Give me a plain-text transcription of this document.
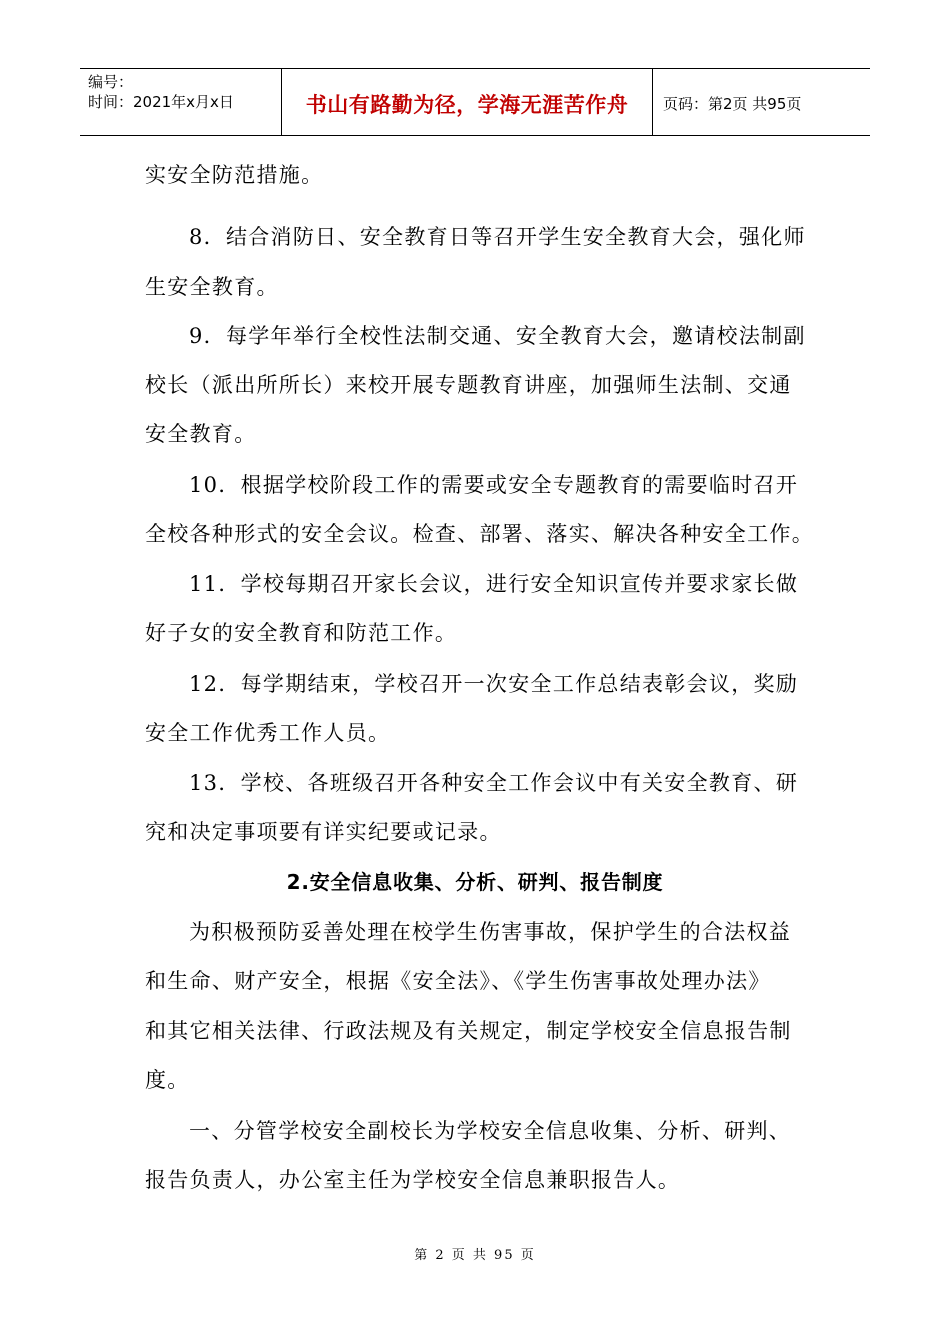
编号：
时间：2021年x月x日	书山有路勤为径，学海无涯苦作舟	页码：第2页 共95页
实安全防范措施。
8．结合消防日、安全教育日等召开学生安全教育大会，强化师
生安全教育。
9．每学年举行全校性法制交通、安全教育大会，邀请校法制副
校长（派出所所长）来校开展专题教育讲座，加强师生法制、交通
安全教育。
10．根据学校阶段工作的需要或安全专题教育的需要临时召开
全校各种形式的安全会议。检查、部署、落实、解决各种安全工作。
11．学校每期召开家长会议，进行安全知识宣传并要求家长做
好子女的安全教育和防范工作。
12．每学期结束，学校召开一次安全工作总结表彰会议，奖励
安全工作优秀工作人员。
13．学校、各班级召开各种安全工作会议中有关安全教育、研
究和决定事项要有详实纪要或记录。
2.安全信息收集、分析、研判、报告制度
为积极预防妥善处理在校学生伤害事故，保护学生的合法权益
和生命、财产安全，根据《安全法》、《学生伤害事故处理办法》
和其它相关法律、行政法规及有关规定，制定学校安全信息报告制
度。
一、分管学校安全副校长为学校安全信息收集、分析、研判、
报告负责人，办公室主任为学校安全信息兼职报告人。
第 2 页 共 95 页
